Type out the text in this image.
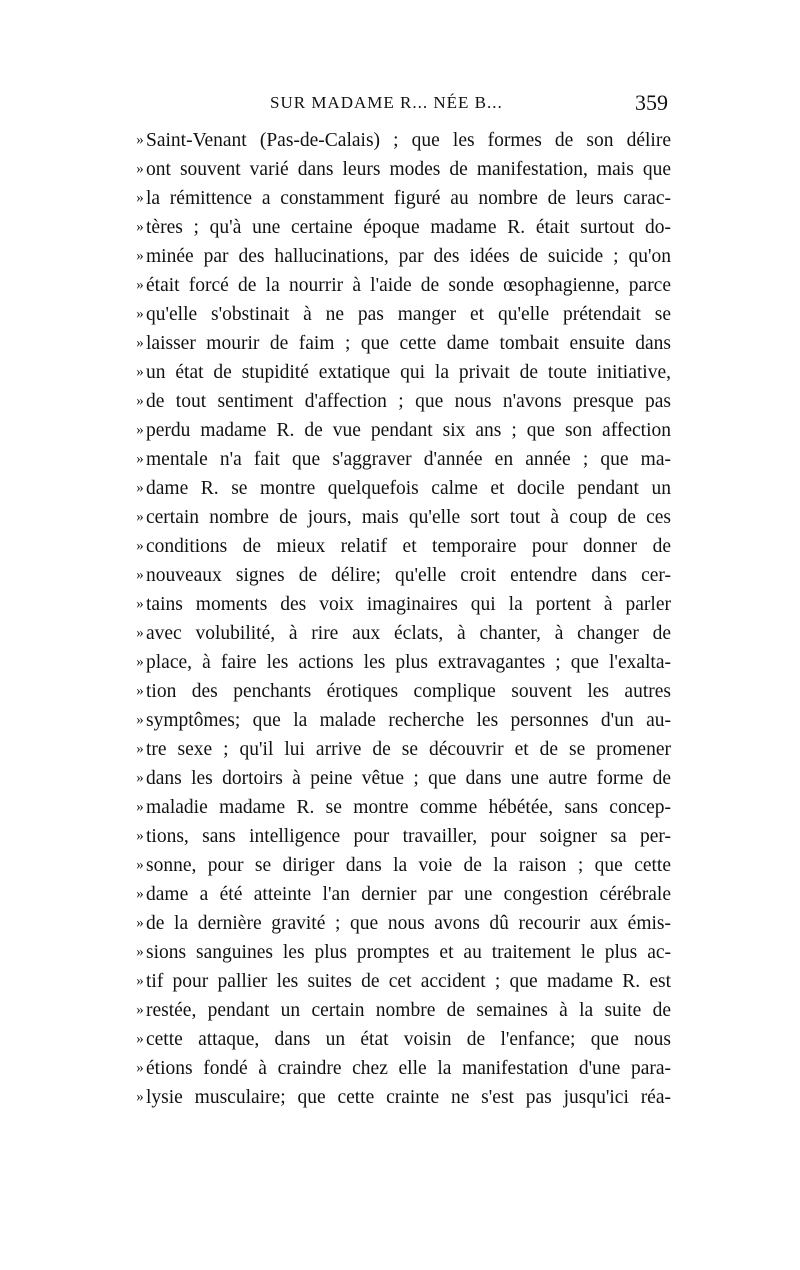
SUR MADAME R... NÉE B...	359
» Saint-Venant (Pas-de-Calais) ; que les formes de son délire
» ont souvent varié dans leurs modes de manifestation, mais que
» la rémittence a constamment figuré au nombre de leurs carac-
» tères ; qu'à une certaine époque madame R. était surtout do-
» minée par des hallucinations, par des idées de suicide ; qu'on
» était forcé de la nourrir à l'aide de sonde œsophagienne, parce
» qu'elle s'obstinait à ne pas manger et qu'elle prétendait se
» laisser mourir de faim ; que cette dame tombait ensuite dans
» un état de stupidité extatique qui la privait de toute initiative,
» de tout sentiment d'affection ; que nous n'avons presque pas
» perdu madame R. de vue pendant six ans ; que son affection
» mentale n'a fait que s'aggraver d'année en année ; que ma-
» dame R. se montre quelquefois calme et docile pendant un
» certain nombre de jours, mais qu'elle sort tout à coup de ces
» conditions de mieux relatif et temporaire pour donner de
» nouveaux signes de délire; qu'elle croit entendre dans cer-
» tains moments des voix imaginaires qui la portent à parler
» avec volubilité, à rire aux éclats, à chanter, à changer de
» place, à faire les actions les plus extravagantes ; que l'exalta-
» tion des penchants érotiques complique souvent les autres
» symptômes; que la malade recherche les personnes d'un au-
» tre sexe ; qu'il lui arrive de se découvrir et de se promener
» dans les dortoirs à peine vêtue ; que dans une autre forme de
» maladie madame R. se montre comme hébétée, sans concep-
» tions, sans intelligence pour travailler, pour soigner sa per-
» sonne, pour se diriger dans la voie de la raison ; que cette
» dame a été atteinte l'an dernier par une congestion cérébrale
» de la dernière gravité ; que nous avons dû recourir aux émis-
» sions sanguines les plus promptes et au traitement le plus ac-
» tif pour pallier les suites de cet accident ; que madame R. est
» restée, pendant un certain nombre de semaines à la suite de
» cette attaque, dans un état voisin de l'enfance; que nous
» étions fondé à craindre chez elle la manifestation d'une para-
» lysie musculaire; que cette crainte ne s'est pas jusqu'ici réa-
